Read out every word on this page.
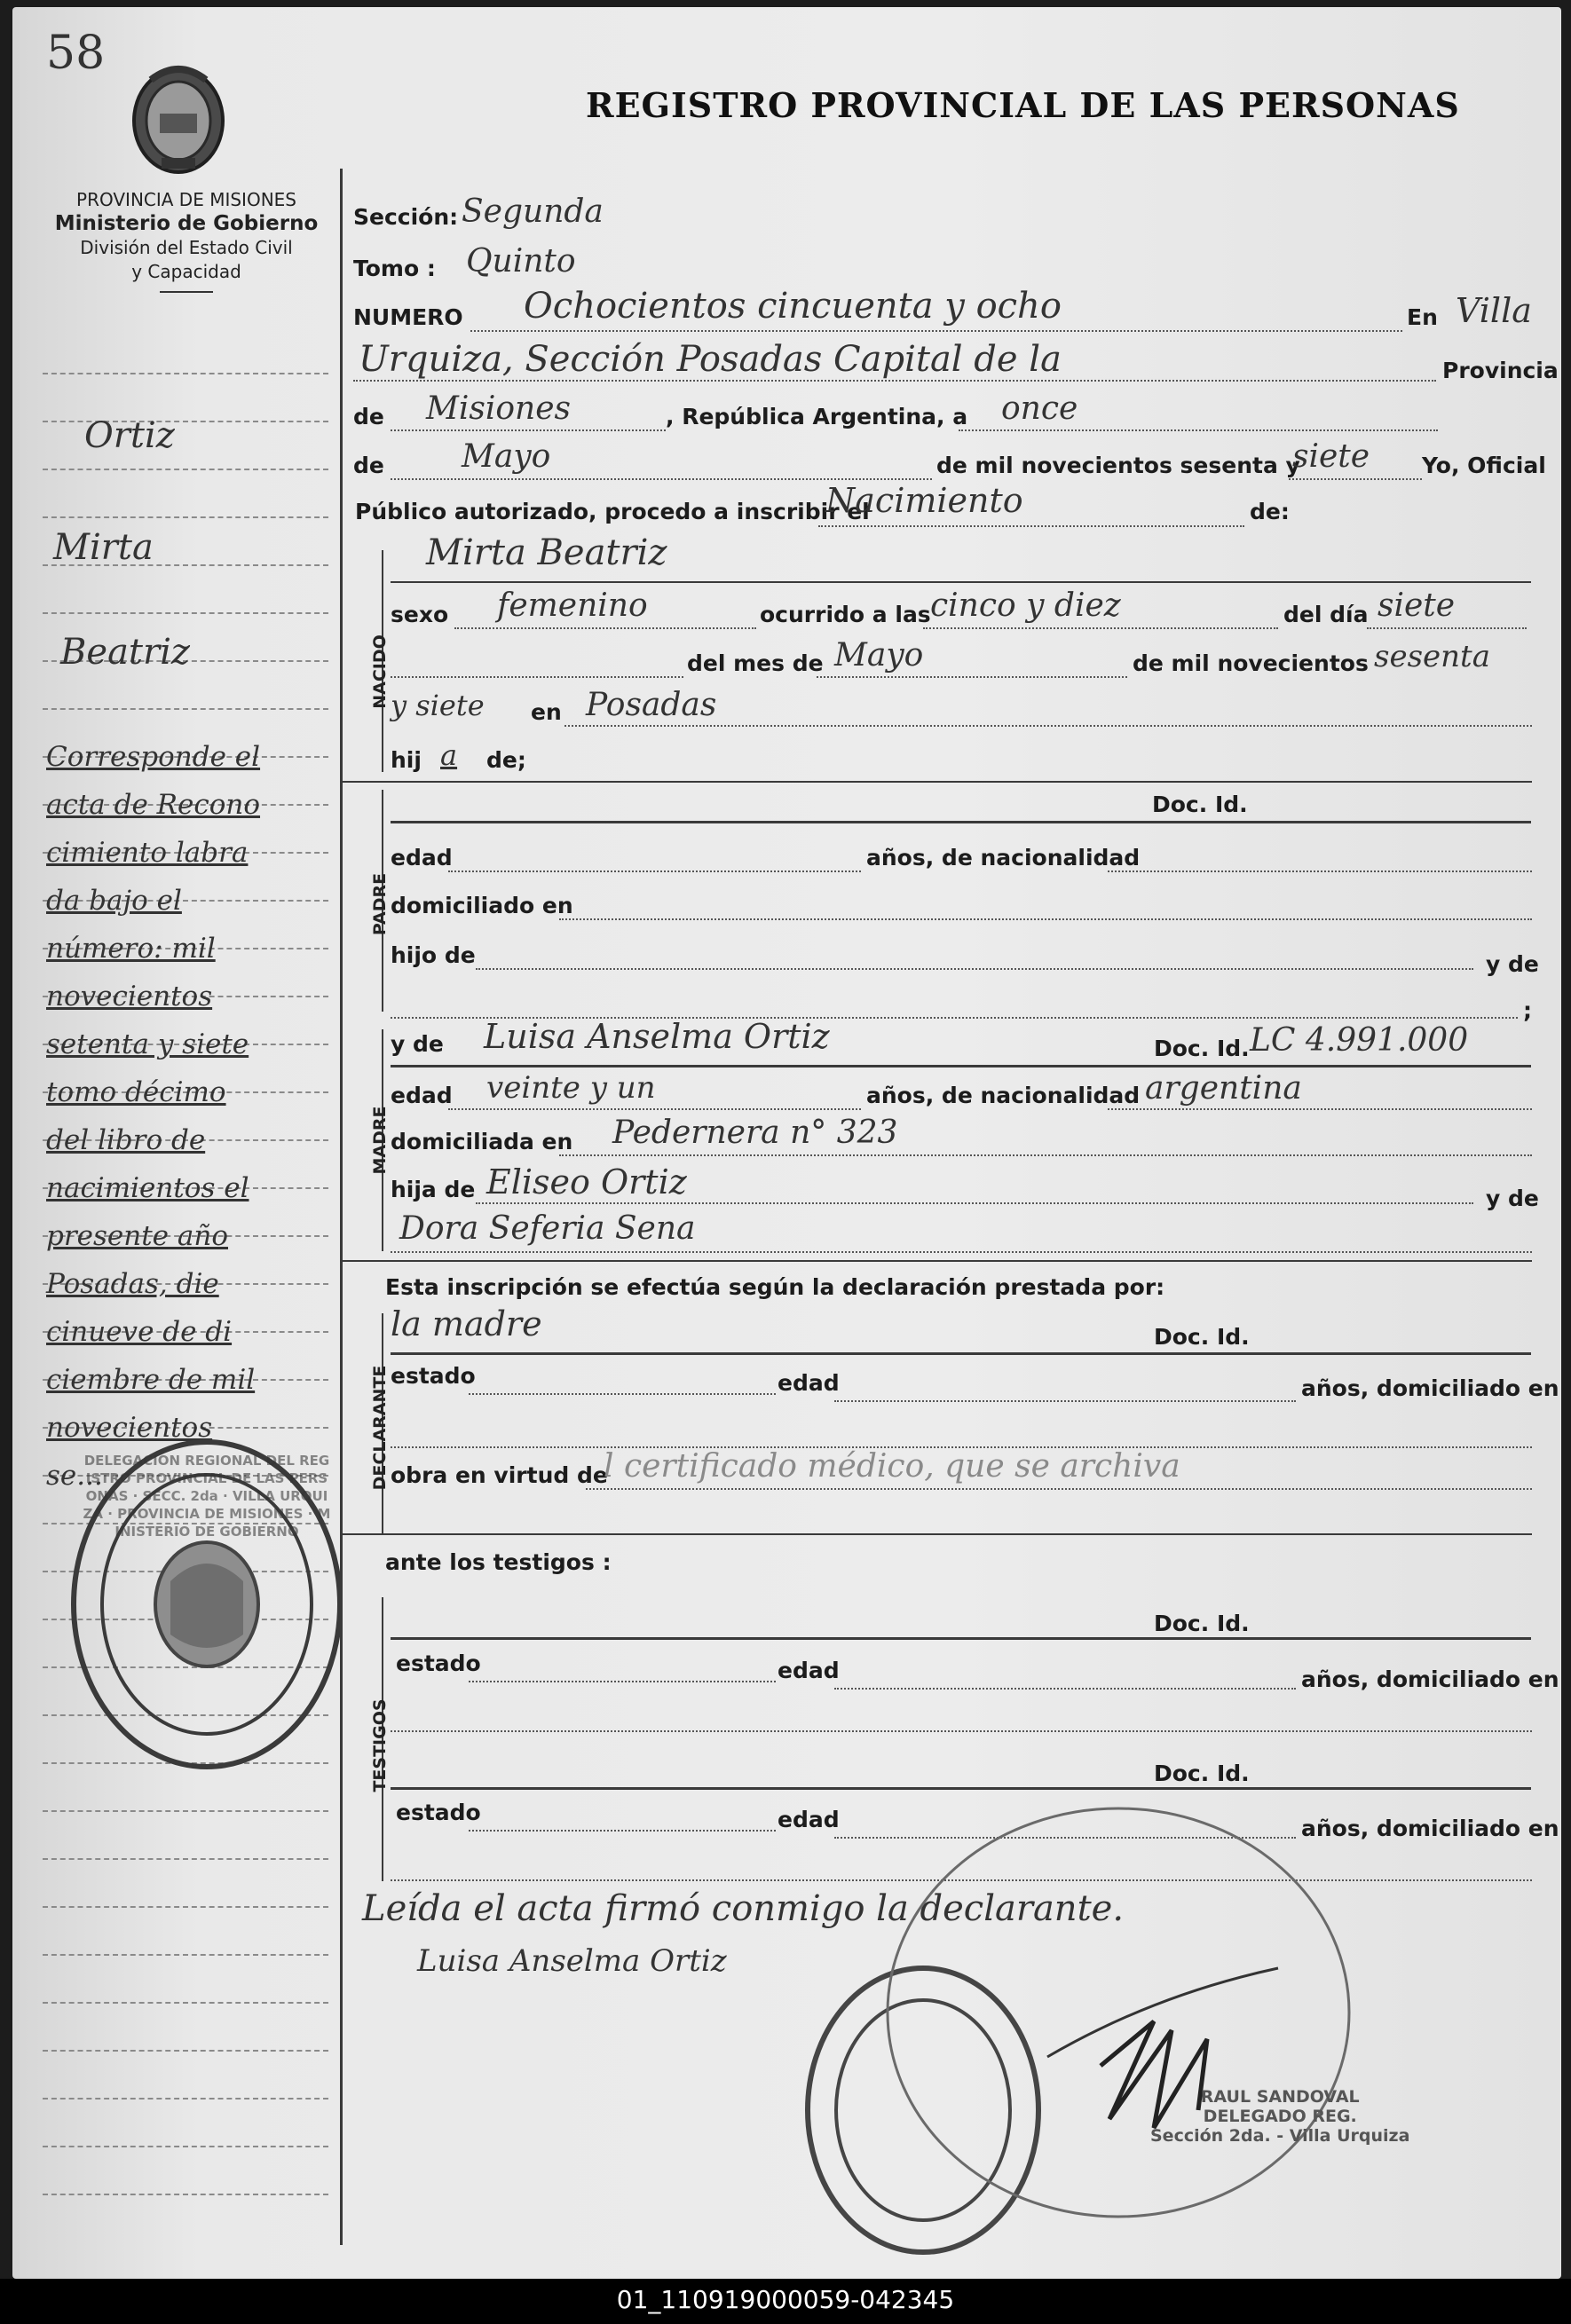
58
REGISTRO PROVINCIAL DE LAS PERSONAS
PROVINCIA DE MISIONES
Ministerio de Gobierno
División del Estado Civil
y Capacidad
Ortiz
Mirta
Beatriz
Corresponde el
acta de Recono
cimiento labra
da bajo el
número: mil
novecientos
setenta y siete
tomo décimo
del libro de
nacimientos el
presente año
Posadas, die
cinueve de di
ciembre de mil
novecientos
se...
DELEGACION REGIONAL DEL REGISTRO PROVINCIAL DE LAS PERSONAS · SECC. 2da · VILLA URQUIZA · PROVINCIA DE MISIONES · MINISTERIO DE GOBIERNO
Sección: Segunda
Tomo : Quinto
NUMERO Ochocientos cincuenta y ocho	En Villa
Urquiza, Sección Posadas Capital de la	Provincia
de Misiones	, República Argentina, a once
de Mayo	de mil novecientos sesenta y
siete Yo, Oficial
Público autorizado, procedo a inscribir el
Nacimiento	de:
NACIDO
Mirta Beatriz
sexo femenino	ocurrido a las cinco y diez	del día siete
del mes de Mayo	de mil novecientos sesenta
y siete en Posadas
hij a de;
PADRE
Doc. Id.
edad	años, de nacionalidad
domiciliado en
hijo de	y de
;
MADRE
y de Luisa Anselma Ortiz	Doc. Id. LC 4.991.000
edad veinte y un	años, de nacionalidad argentina
domiciliada en Pedernera n° 323
hija de Eliseo Ortiz	y de
Dora Seferia Sena
Esta inscripción se efectúa según la declaración prestada por:
DECLARANTE
la madre	Doc. Id.
estado	edad	años, domiciliado en
obra en virtud de
l certificado médico, que se archiva
ante los testigos :
TESTIGOS
Doc. Id.
estado	edad	años, domiciliado en
Doc. Id.
estado	edad	años, domiciliado en
Leída el acta firmó conmigo la declarante.
Luisa Anselma Ortiz
RAUL SANDOVAL
DELEGADO REG.
Sección 2da. - Villa Urquiza
01_110919000059-042345
